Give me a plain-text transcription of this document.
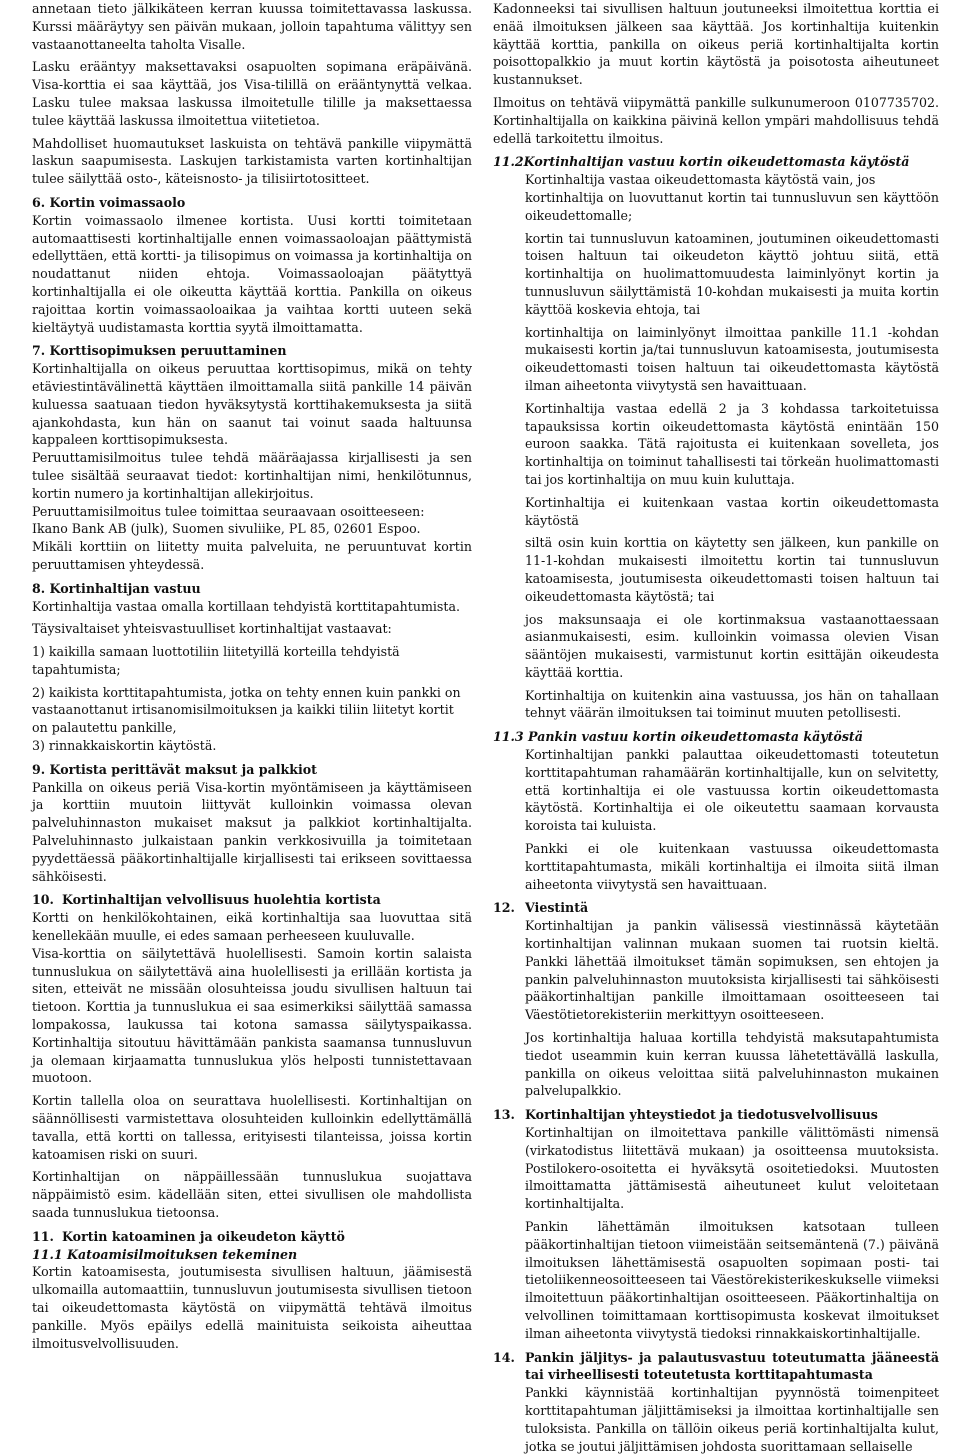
annetaan tieto jälkikäteen kerran kuussa toimitettavassa laskussa. Kurssi määräytyy sen päivän mukaan, jolloin tapahtuma välittyy sen vastaanottaneelta taholta Visalle.

Lasku erääntyy maksettavaksi osapuolten sopimana eräpäivänä. Visa-korttia ei saa käyttää, jos Visa-tilillä on erääntynyttä velkaa. Lasku tulee maksaa laskussa ilmoitetulle tilille ja maksettaessa tulee käyttää laskussa ilmoitettua viitetietoa.

Mahdolliset huomautukset laskuista on tehtävä pankille viipymättä laskun saapumisesta. Laskujen tarkistamista varten kortinhaltijan tulee säilyttää osto-, käteisnosto- ja tilisiirtotositteet.

6. Kortin voimassaolo

Kortin voimassaolo ilmenee kortista. Uusi kortti toimitetaan automaattisesti kortinhaltijalle ennen voimassaoloajan päättymistä edellyttäen, että kortti- ja tilisopimus on voimassa ja kortinhaltija on noudattanut niiden ehtoja. Voimassaoloajan päätyttyä kortinhaltijalla ei ole oikeutta käyttää korttia. Pankilla on oikeus rajoittaa kortin voimassaoloaikaa ja vaihtaa kortti uuteen sekä kieltäytyä uudistamasta korttia syytä ilmoittamatta.

7. Korttisopimuksen peruuttaminen

Kortinhaltijalla on oikeus peruuttaa korttisopimus, mikä on tehty etäviestintävälinettä käyttäen ilmoittamalla siitä pankille 14 päivän kuluessa saatuaan tiedon hyväksytystä korttihakemuksesta ja siitä ajankohdasta, kun hän on saanut tai voinut saada haltuunsa kappaleen korttisopimuksesta.

Peruuttamisilmoitus tulee tehdä määräajassa kirjallisesti ja sen tulee sisältää seuraavat tiedot: kortinhaltijan nimi, henkilötunnus, kortin numero ja kortinhaltijan allekirjoitus.

Peruuttamisilmoitus tulee toimittaa seuraavaan osoitteeseen:

Ikano Bank AB (julk), Suomen sivuliike, PL 85, 02601 Espoo.

Mikäli korttiin on liitetty muita palveluita, ne peruuntuvat kortin peruuttamisen yhteydessä.

8. Kortinhaltijan vastuu

Kortinhaltija vastaa omalla kortillaan tehdyistä korttitapahtumista.

Täysivaltaiset yhteisvastuulliset kortinhaltijat vastaavat:

1) kaikilla samaan luottotiliin liitetyillä korteilla tehdyistä tapahtumista;

2) kaikista korttitapahtumista, jotka on tehty ennen kuin pankki on vastaanottanut irtisanomisilmoituksen ja kaikki tiliin liitetyt kortit on palautettu pankille,

3) rinnakkaiskortin käytöstä.

9. Kortista perittävät maksut ja palkkiot

Pankilla on oikeus periä Visa-kortin myöntämiseen ja käyttämiseen ja korttiin muutoin liittyvät kulloinkin voimassa olevan palveluhinnaston mukaiset maksut ja palkkiot kortinhaltijalta. Palveluhinnasto julkaistaan pankin verkkosivuilla ja toimitetaan pyydettäessä pääkortinhaltijalle kirjallisesti tai erikseen sovittaessa sähköisesti.

10. Kortinhaltijan velvollisuus huolehtia kortista

Kortti on henkilökohtainen, eikä kortinhaltija saa luovuttaa sitä kenellekään muulle, ei edes samaan perheeseen kuuluvalle.

Visa-korttia on säilytettävä huolellisesti. Samoin kortin salaista tunnuslukua on säilytettävä aina huolellisesti ja erillään kortista ja siten, etteivät ne missään olosuhteissa joudu sivullisen haltuun tai tietoon. Korttia ja tunnuslukua ei saa esimerkiksi säilyttää samassa lompakossa, laukussa tai kotona samassa säilytyspaikassa. Kortinhaltija sitoutuu hävittämään pankista saamansa tunnusluvun ja olemaan kirjaamatta tunnuslukua ylös helposti tunnistettavaan muotoon.

Kortin tallella oloa on seurattava huolellisesti. Kortinhaltijan on säännöllisesti varmistettava olosuhteiden kulloinkin edellyttämällä tavalla, että kortti on tallessa, erityisesti tilanteissa, joissa kortin katoamisen riski on suuri.

Kortinhaltijan on näppäillessään tunnuslukua suojattava näppäimistö esim. kädellään siten, ettei sivullisen ole mahdollista saada tunnuslukua tietoonsa.

11. Kortin katoaminen ja oikeudeton käyttö

11.1 Katoamisilmoituksen tekeminen

Kortin katoamisesta, joutumisesta sivullisen haltuun, jäämisestä ulkomailla automaattiin, tunnusluvun joutumisesta sivullisen tietoon tai oikeudettomasta käytöstä on viipymättä tehtävä ilmoitus pankille. Myös epäilys edellä mainituista seikoista aiheuttaa ilmoitusvelvollisuuden.

Kadonneeksi tai sivullisen haltuun joutuneeksi ilmoitettua korttia ei enää ilmoituksen jälkeen saa käyttää. Jos kortinhaltija kuitenkin käyttää korttia, pankilla on oikeus periä kortinhaltijalta kortin poisottopalkkio ja muut kortin käytöstä ja poisotosta aiheutuneet kustannukset.

Ilmoitus on tehtävä viipymättä pankille sulkunumeroon 0107735702. Kortinhaltijalla on kaikkina päivinä kellon ympäri mahdollisuus tehdä edellä tarkoitettu ilmoitus.

11.2Kortinhaltijan vastuu kortin oikeudettomasta käytöstä

Kortinhaltija vastaa oikeudettomasta käytöstä vain, jos

kortinhaltija on luovuttanut kortin tai tunnusluvun sen käyttöön oikeudettomalle;

kortin tai tunnusluvun katoaminen, joutuminen oikeudettomasti toisen haltuun tai oikeudeton käyttö johtuu siitä, että kortinhaltija on huolimattomuudesta laiminlyönyt kortin ja tunnusluvun säilyttämistä 10-kohdan mukaisesti ja muita kortin käyttöä koskevia ehtoja, tai

kortinhaltija on laiminlyönyt ilmoittaa pankille 11.1 -kohdan mukaisesti kortin ja/tai tunnusluvun katoamisesta, joutumisesta oikeudettomasti toisen haltuun tai oikeudettomasta käytöstä ilman aiheetonta viivytystä sen havaittuaan.

Kortinhaltija vastaa edellä 2 ja 3 kohdassa tarkoitetuissa tapauksissa kortin oikeudettomasta käytöstä enintään 150 euroon saakka. Tätä rajoitusta ei kuitenkaan sovelleta, jos kortinhaltija on toiminut tahallisesti tai törkeän huolimattomasti tai jos kortinhaltija on muu kuin kuluttaja.

Kortinhaltija ei kuitenkaan vastaa kortin oikeudettomasta käytöstä

siltä osin kuin korttia on käytetty sen jälkeen, kun pankille on 11-1-kohdan mukaisesti ilmoitettu kortin tai tunnusluvun katoamisesta, joutumisesta oikeudettomasti toisen haltuun tai oikeudettomasta käytöstä; tai

jos maksunsaaja ei ole kortinmaksua vastaanottaessaan asianmukaisesti, esim. kulloinkin voimassa olevien Visan sääntöjen mukaisesti, varmistunut kortin esittäjän oikeudesta käyttää korttia.

Kortinhaltija on kuitenkin aina vastuussa, jos hän on tahallaan tehnyt väärän ilmoituksen tai toiminut muuten petollisesti.

11.3 Pankin vastuu kortin oikeudettomasta käytöstä

Kortinhaltijan pankki palauttaa oikeudettomasti toteutetun korttitapahtuman rahamäärän kortinhaltijalle, kun on selvitetty, että kortinhaltija ei ole vastuussa kortin oikeudettomasta käytöstä. Kortinhaltija ei ole oikeutettu saamaan korvausta koroista tai kuluista.

Pankki ei ole kuitenkaan vastuussa oikeudettomasta korttitapahtumasta, mikäli kortinhaltija ei ilmoita siitä ilman aiheetonta viivytystä sen havaittuaan.

12. Viestintä

Kortinhaltijan ja pankin välisessä viestinnässä käytetään kortinhaltijan valinnan mukaan suomen tai ruotsin kieltä. Pankki lähettää ilmoitukset tämän sopimuksen, sen ehtojen ja pankin palveluhinnaston muutoksista kirjallisesti tai sähköisesti pääkortinhaltijan pankille ilmoittamaan osoitteeseen tai Väestötietorekisteriin merkittyyn osoitteeseen.

Jos kortinhaltija haluaa kortilla tehdyistä maksutapahtumista tiedot useammin kuin kerran kuussa lähetettävällä laskulla, pankilla on oikeus veloittaa siitä palveluhinnaston mukainen palvelupalkkio.

13. Kortinhaltijan yhteystiedot ja tiedotusvelvollisuus

Kortinhaltijan on ilmoitettava pankille välittömästi nimensä (virkatodistus liitettävä mukaan) ja osoitteensa muutoksista. Postilokero-osoitetta ei hyväksytä osoitetiedoksi. Muutosten ilmoittamatta jättämisestä aiheutuneet kulut veloitetaan kortinhaltijalta.

Pankin lähettämän ilmoituksen katsotaan tulleen pääkortinhaltijan tietoon viimeistään seitsemäntenä (7.) päivänä ilmoituksen lähettämisestä osapuolten sopimaan posti- tai tietoliikenneosoitteeseen tai Väestörekisterikeskukselle viimeksi ilmoitettuun pääkortinhaltijan osoitteeseen. Pääkortinhaltija on velvollinen toimittamaan korttisopimusta koskevat ilmoitukset ilman aiheetonta viivytystä tiedoksi rinnakkaiskortinhaltijalle.

14. Pankin jäljitys- ja palautusvastuu toteutumatta jääneestä tai virheellisesti toteutetusta korttitapahtumasta

Pankki käynnistää kortinhaltijan pyynnöstä toimenpiteet korttitapahtuman jäljittämiseksi ja ilmoittaa kortinhaltijalle sen tuloksista. Pankilla on tällöin oikeus periä kortinhaltijalta kulut, jotka se joutui jäljittämisen johdosta suorittamaan sellaiselle
